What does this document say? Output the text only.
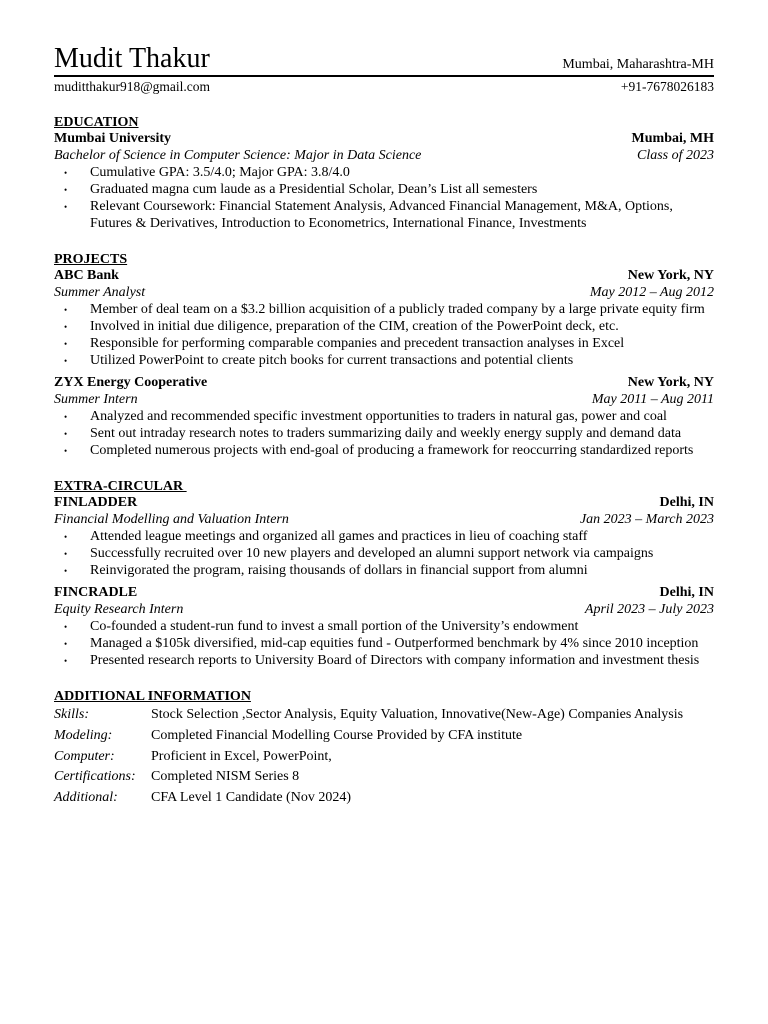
Mudit Thakur	Mumbai, Maharashtra-MH
muditthakur918@gmail.com	+91-7678026183
EDUCATION
Mumbai University	Mumbai, MH
Bachelor of Science in Computer Science: Major in Data Science	Class of 2023
• Cumulative GPA: 3.5/4.0; Major GPA: 3.8/4.0
• Graduated magna cum laude as a Presidential Scholar, Dean’s List all semesters
• Relevant Coursework: Financial Statement Analysis, Advanced Financial Management, M&A, Options, Futures & Derivatives, Introduction to Econometrics, International Finance, Investments
PROJECTS
ABC Bank	New York, NY
Summer Analyst	May 2012 – Aug 2012
• Member of deal team on a $3.2 billion acquisition of a publicly traded company by a large private equity firm
• Involved in initial due diligence, preparation of the CIM, creation of the PowerPoint deck, etc.
• Responsible for performing comparable companies and precedent transaction analyses in Excel
• Utilized PowerPoint to create pitch books for current transactions and potential clients
ZYX Energy Cooperative	New York, NY
Summer Intern	May 2011 – Aug 2011
• Analyzed and recommended specific investment opportunities to traders in natural gas, power and coal
• Sent out intraday research notes to traders summarizing daily and weekly energy supply and demand data
• Completed numerous projects with end-goal of producing a framework for reoccurring standardized reports
EXTRA-CIRCULAR
FINLADDER	Delhi, IN
Financial Modelling and Valuation Intern	Jan 2023 – March 2023
• Attended league meetings and organized all games and practices in lieu of coaching staff
• Successfully recruited over 10 new players and developed an alumni support network via campaigns
• Reinvigorated the program, raising thousands of dollars in financial support from alumni
FINCRADLE	Delhi, IN
Equity Research Intern	April 2023 – July 2023
• Co-founded a student-run fund to invest a small portion of the University’s endowment
• Managed a $105k diversified, mid-cap equities fund - Outperformed benchmark by 4% since 2010 inception
• Presented research reports to University Board of Directors with company information and investment thesis
ADDITIONAL INFORMATION
Skills:	Stock Selection ,Sector Analysis, Equity Valuation, Innovative(New-Age) Companies Analysis
Modeling:	Completed Financial Modelling Course Provided by CFA institute
Computer:	Proficient in Excel, PowerPoint,
Certifications:	Completed NISM Series 8
Additional:	CFA Level 1 Candidate (Nov 2024)
